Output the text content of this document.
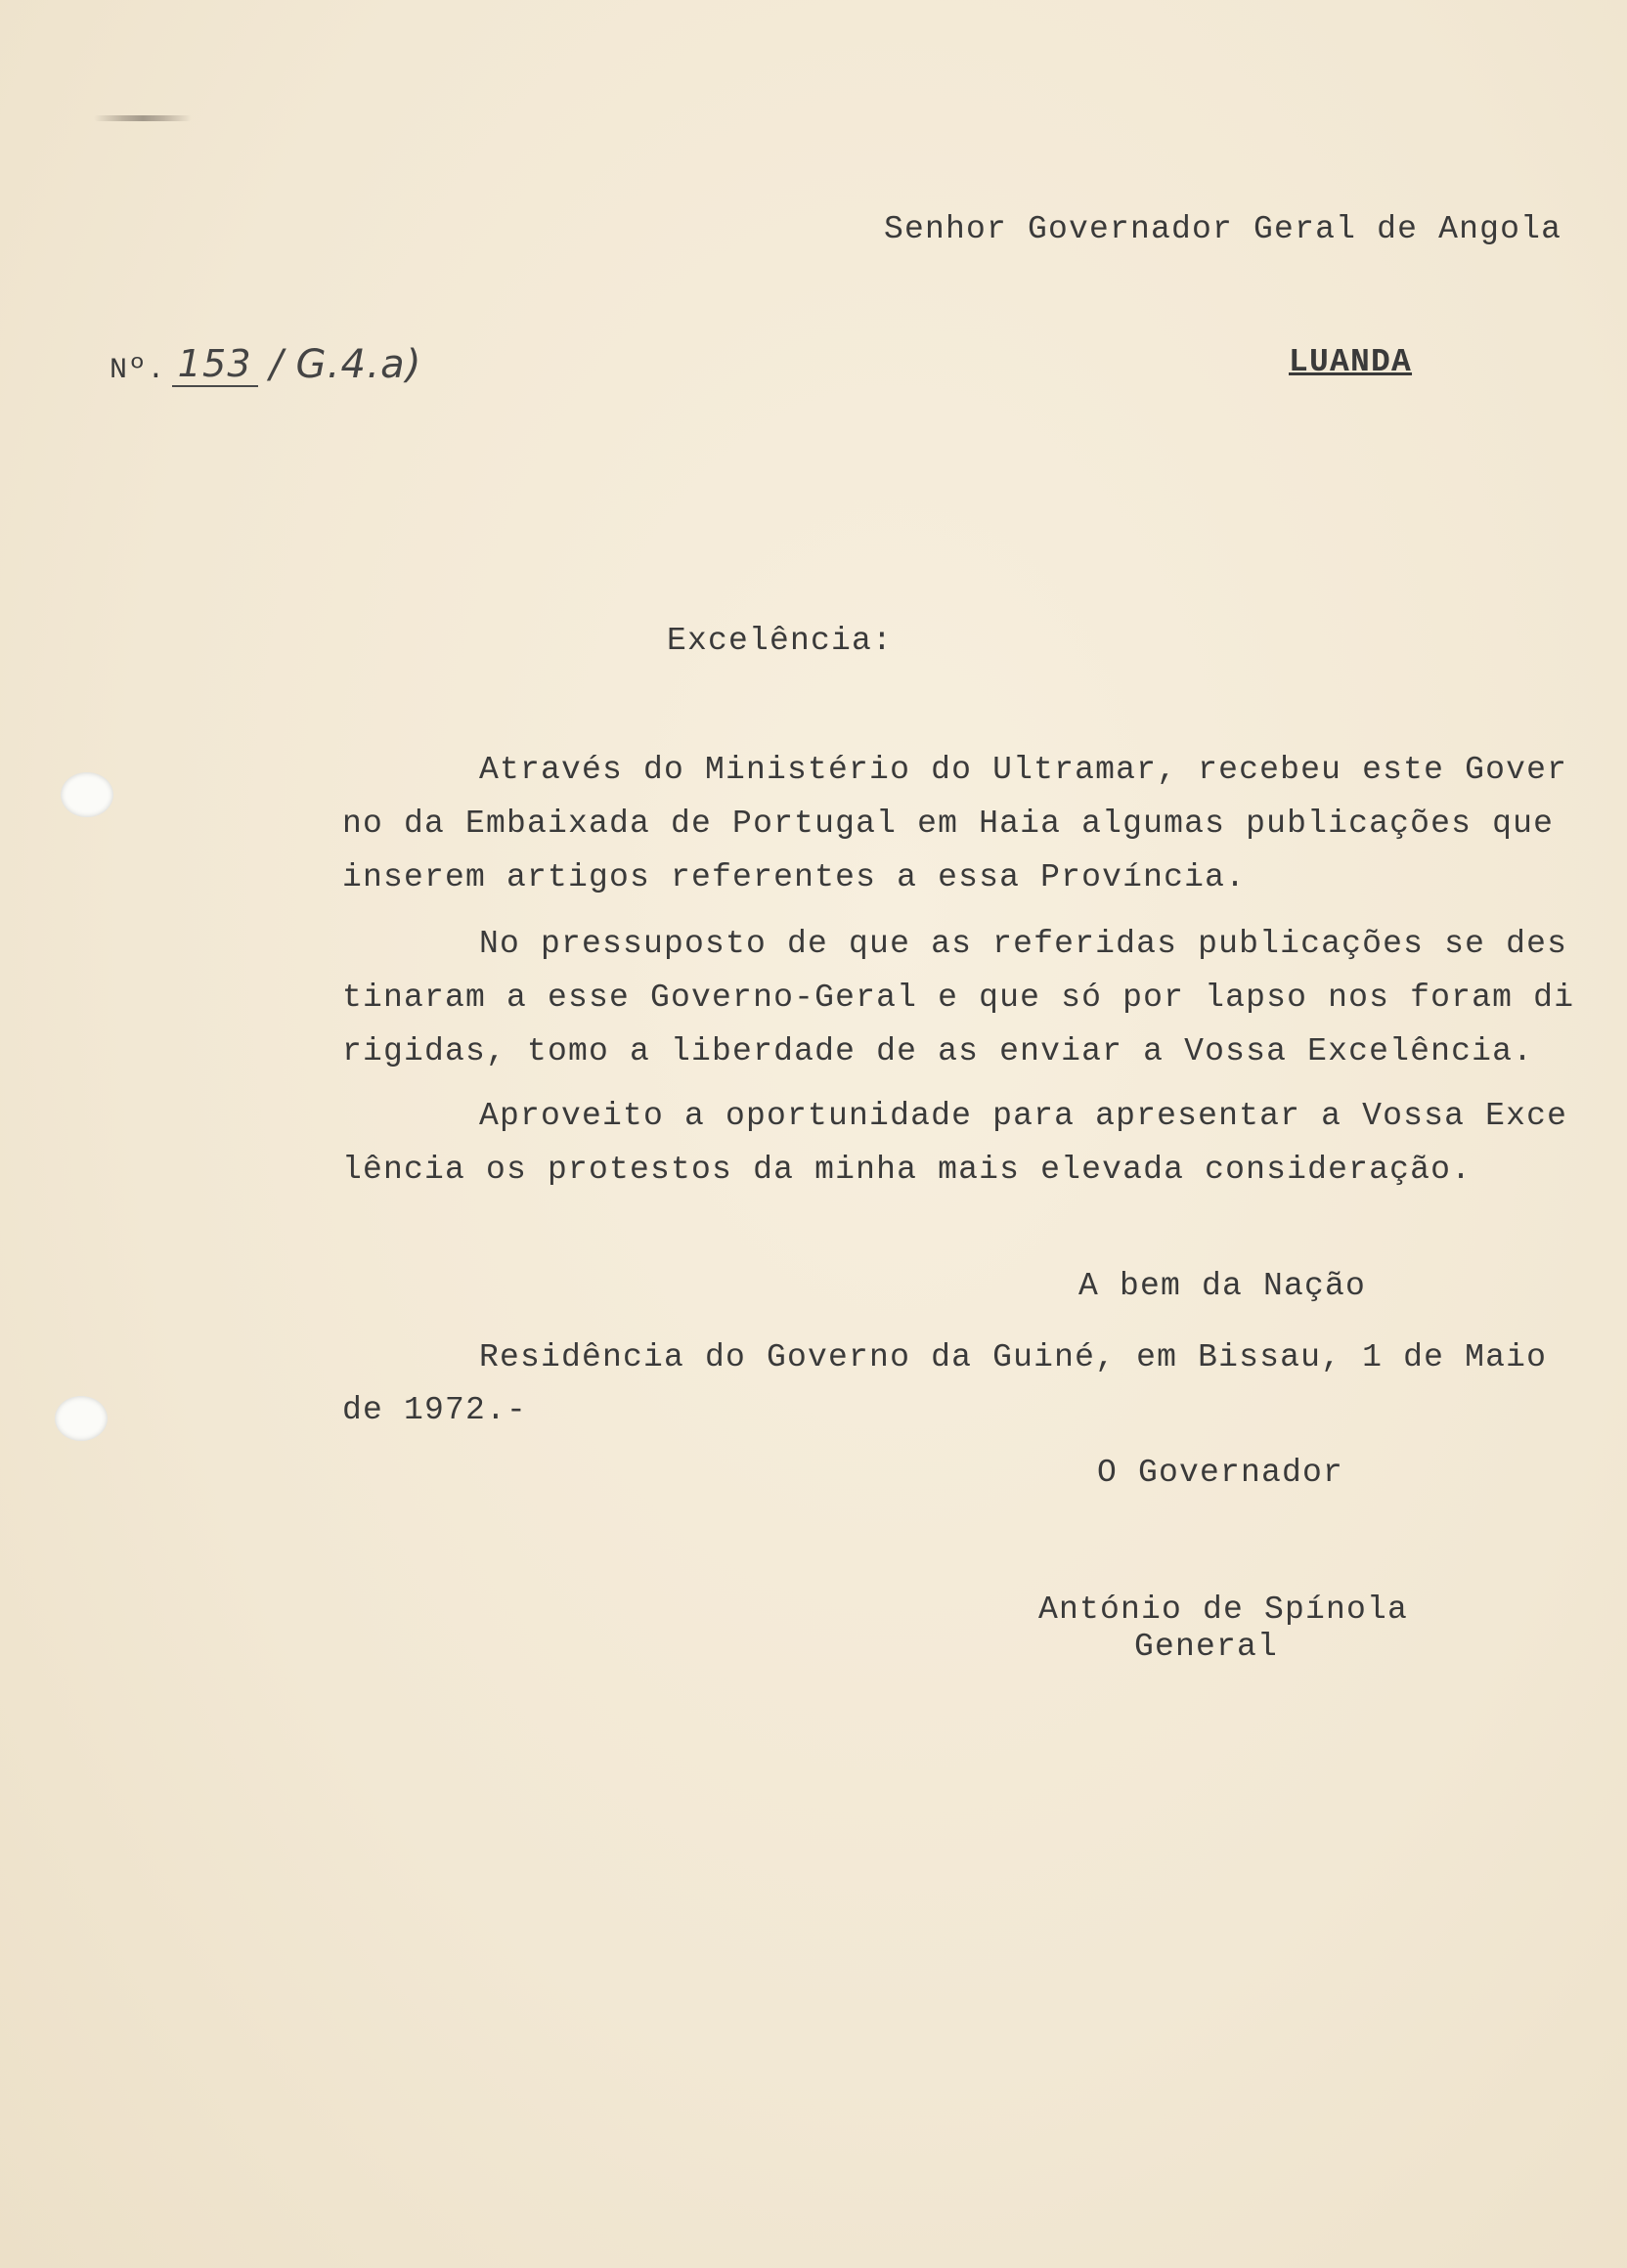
Senhor Governador Geral de Angola
Nº. 153 / G.4.a)	LUANDA
Excelência:
Através do Ministério do Ultramar, recebeu este Gover
no da Embaixada de Portugal em Haia algumas publicações que
inserem artigos referentes a essa Província.
No pressuposto de que as referidas publicações se des
tinaram a esse Governo-Geral e que só por lapso nos foram di
rigidas, tomo a liberdade de as enviar a Vossa Excelência.
Aproveito a oportunidade para apresentar a Vossa Exce
lência os protestos da minha mais elevada consideração.
A bem da Nação
Residência do Governo da Guiné, em Bissau, 1 de Maio
de 1972.-
O Governador
António de Spínola
General
